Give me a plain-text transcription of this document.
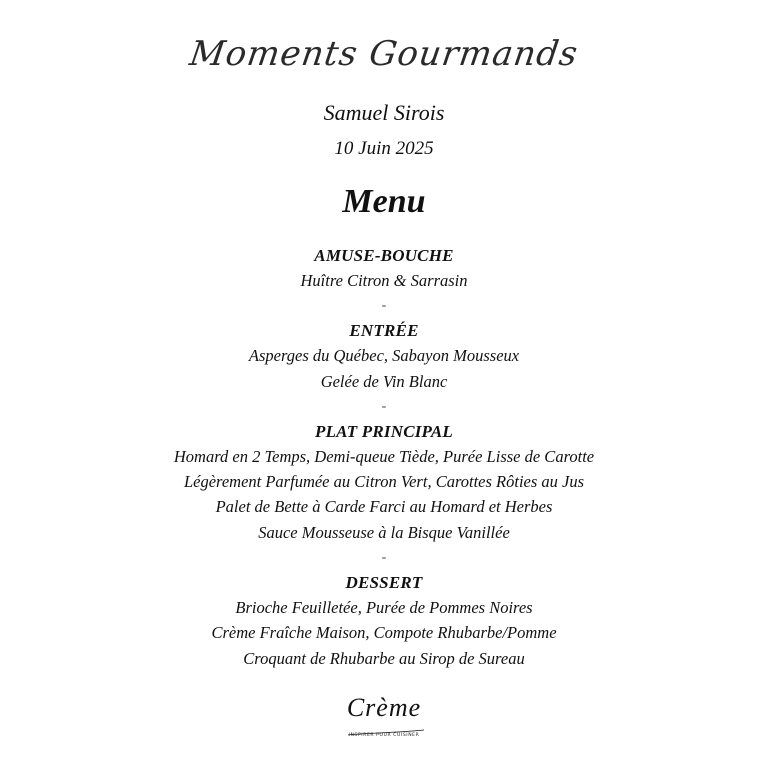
Moments Gourmands
Samuel Sirois
10 Juin 2025
Menu
AMUSE-BOUCHE
Huître Citron & Sarrasin
-
ENTRÉE
Asperges du Québec, Sabayon Mousseux
Gelée de Vin Blanc
-
PLAT PRINCIPAL
Homard en 2 Temps, Demi-queue Tiède, Purée Lisse de Carotte
Légèrement Parfumée au Citron Vert, Carottes Rôties au Jus
Palet de Bette à Carde Farci au Homard et Herbes
Sauce Mousseuse à la Bisque Vanillée
-
DESSERT
Brioche Feuilletée, Purée de Pommes Noires
Crème Fraîche Maison, Compote Rhubarbe/Pomme
Croquant de Rhubarbe au Sirop de Sureau
Crème
INSPIRER POUR CUISINER
